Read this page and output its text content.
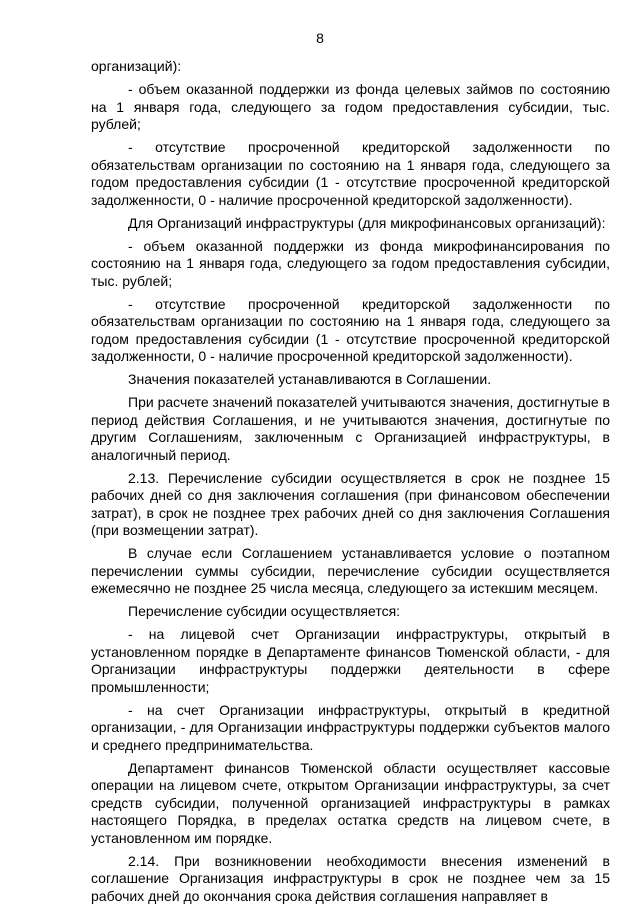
8

организаций):

- объем оказанной поддержки из фонда целевых займов по состоянию на 1 января года, следующего за годом предоставления субсидии, тыс. рублей;

- отсутствие просроченной кредиторской задолженности по обязательствам организации по состоянию на 1 января года, следующего за годом предоставления субсидии (1 - отсутствие просроченной кредиторской задолженности, 0 - наличие просроченной кредиторской задолженности).

Для Организаций инфраструктуры (для микрофинансовых организаций):

- объем оказанной поддержки из фонда микрофинансирования по состоянию на 1 января года, следующего за годом предоставления субсидии, тыс. рублей;

- отсутствие просроченной кредиторской задолженности по обязательствам организации по состоянию на 1 января года, следующего за годом предоставления субсидии (1 - отсутствие просроченной кредиторской задолженности, 0 - наличие просроченной кредиторской задолженности).

Значения показателей устанавливаются в Соглашении.

При расчете значений показателей учитываются значения, достигнутые в период действия Соглашения, и не учитываются значения, достигнутые по другим Соглашениям, заключенным с Организацией инфраструктуры, в аналогичный период.

2.13. Перечисление субсидии осуществляется в срок не позднее 15 рабочих дней со дня заключения соглашения (при финансовом обеспечении затрат), в срок не позднее трех рабочих дней со дня заключения Соглашения (при возмещении затрат).

В случае если Соглашением устанавливается условие о поэтапном перечислении суммы субсидии, перечисление субсидии осуществляется ежемесячно не позднее 25 числа месяца, следующего за истекшим месяцем.

Перечисление субсидии осуществляется:

- на лицевой счет Организации инфраструктуры, открытый в установленном порядке в Департаменте финансов Тюменской области, - для Организации инфраструктуры поддержки деятельности в сфере промышленности;

- на счет Организации инфраструктуры, открытый в кредитной организации, - для Организации инфраструктуры поддержки субъектов малого и среднего предпринимательства.

Департамент финансов Тюменской области осуществляет кассовые операции на лицевом счете, открытом Организации инфраструктуры, за счет средств субсидии, полученной организацией инфраструктуры в рамках настоящего Порядка, в пределах остатка средств на лицевом счете, в установленном им порядке.

2.14. При возникновении необходимости внесения изменений в соглашение Организация инфраструктуры в срок не позднее чем за 15 рабочих дней до окончания срока действия соглашения направляет в
